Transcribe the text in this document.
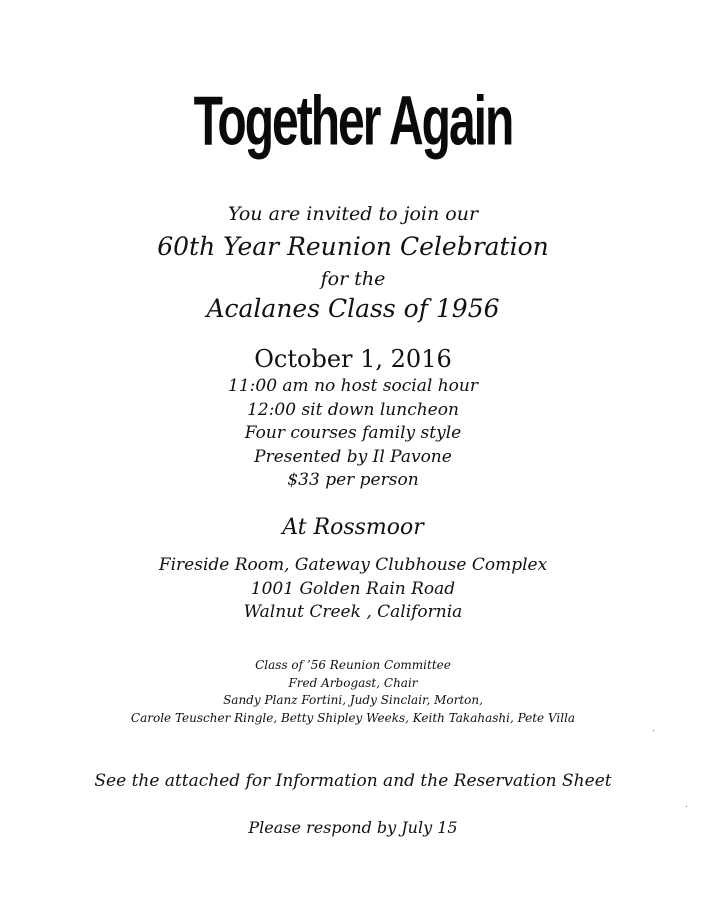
Together Again
You are invited to join our
60th Year Reunion Celebration
for the
Acalanes Class of 1956
October 1, 2016
11:00 am no host social hour
12:00 sit down luncheon
Four courses family style
Presented by Il Pavone
$33 per person
At Rossmoor
Fireside Room, Gateway Clubhouse Complex
1001 Golden Rain Road
Walnut Creek , California
Class of ’56 Reunion Committee
Fred Arbogast, Chair
Sandy Planz Fortini, Judy Sinclair, Morton,
Carole Teuscher Ringle, Betty Shipley Weeks, Keith Takahashi, Pete Villa
See the attached for Information and the Reservation Sheet
Please respond by July 15
